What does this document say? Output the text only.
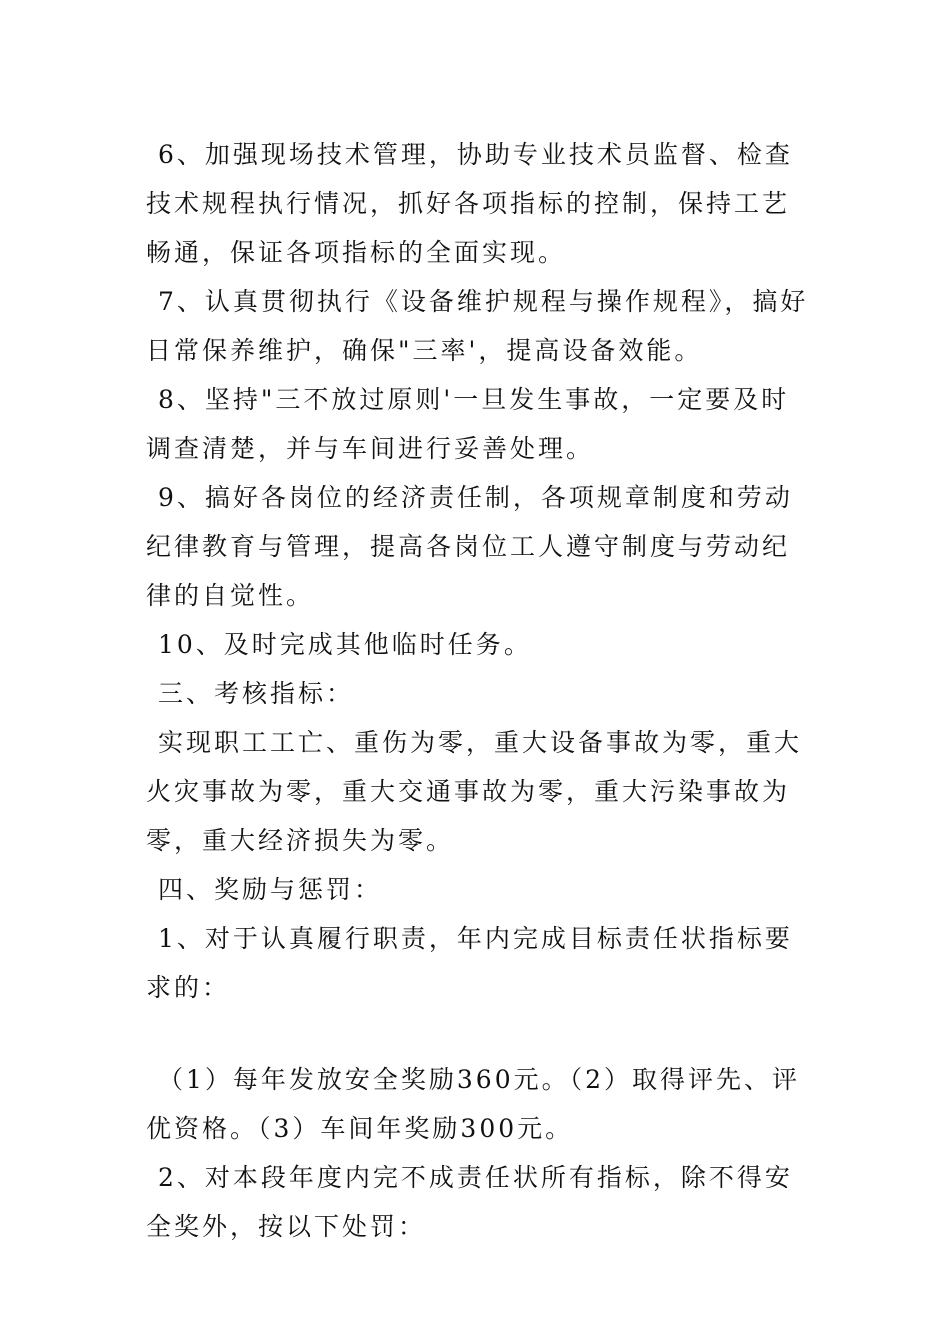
6、加强现场技术管理，协助专业技术员监督、检查技术规程执行情况，抓好各项指标的控制，保持工艺畅通，保证各项指标的全面实现。

7、认真贯彻执行《设备维护规程与操作规程》，搞好日常保养维护，确保"三率'，提高设备效能。

8、坚持"三不放过原则'一旦发生事故，一定要及时调查清楚，并与车间进行妥善处理。

9、搞好各岗位的经济责任制，各项规章制度和劳动纪律教育与管理，提高各岗位工人遵守制度与劳动纪律的自觉性。

10、及时完成其他临时任务。

三、考核指标：

实现职工工亡、重伤为零，重大设备事故为零，重大火灾事故为零，重大交通事故为零，重大污染事故为零，重大经济损失为零。

四、奖励与惩罚：

1、对于认真履行职责，年内完成目标责任状指标要求的：

（1）每年发放安全奖励360元。（2）取得评先、评优资格。（3）车间年奖励300元。

2、对本段年度内完不成责任状所有指标，除不得安全奖外，按以下处罚：
